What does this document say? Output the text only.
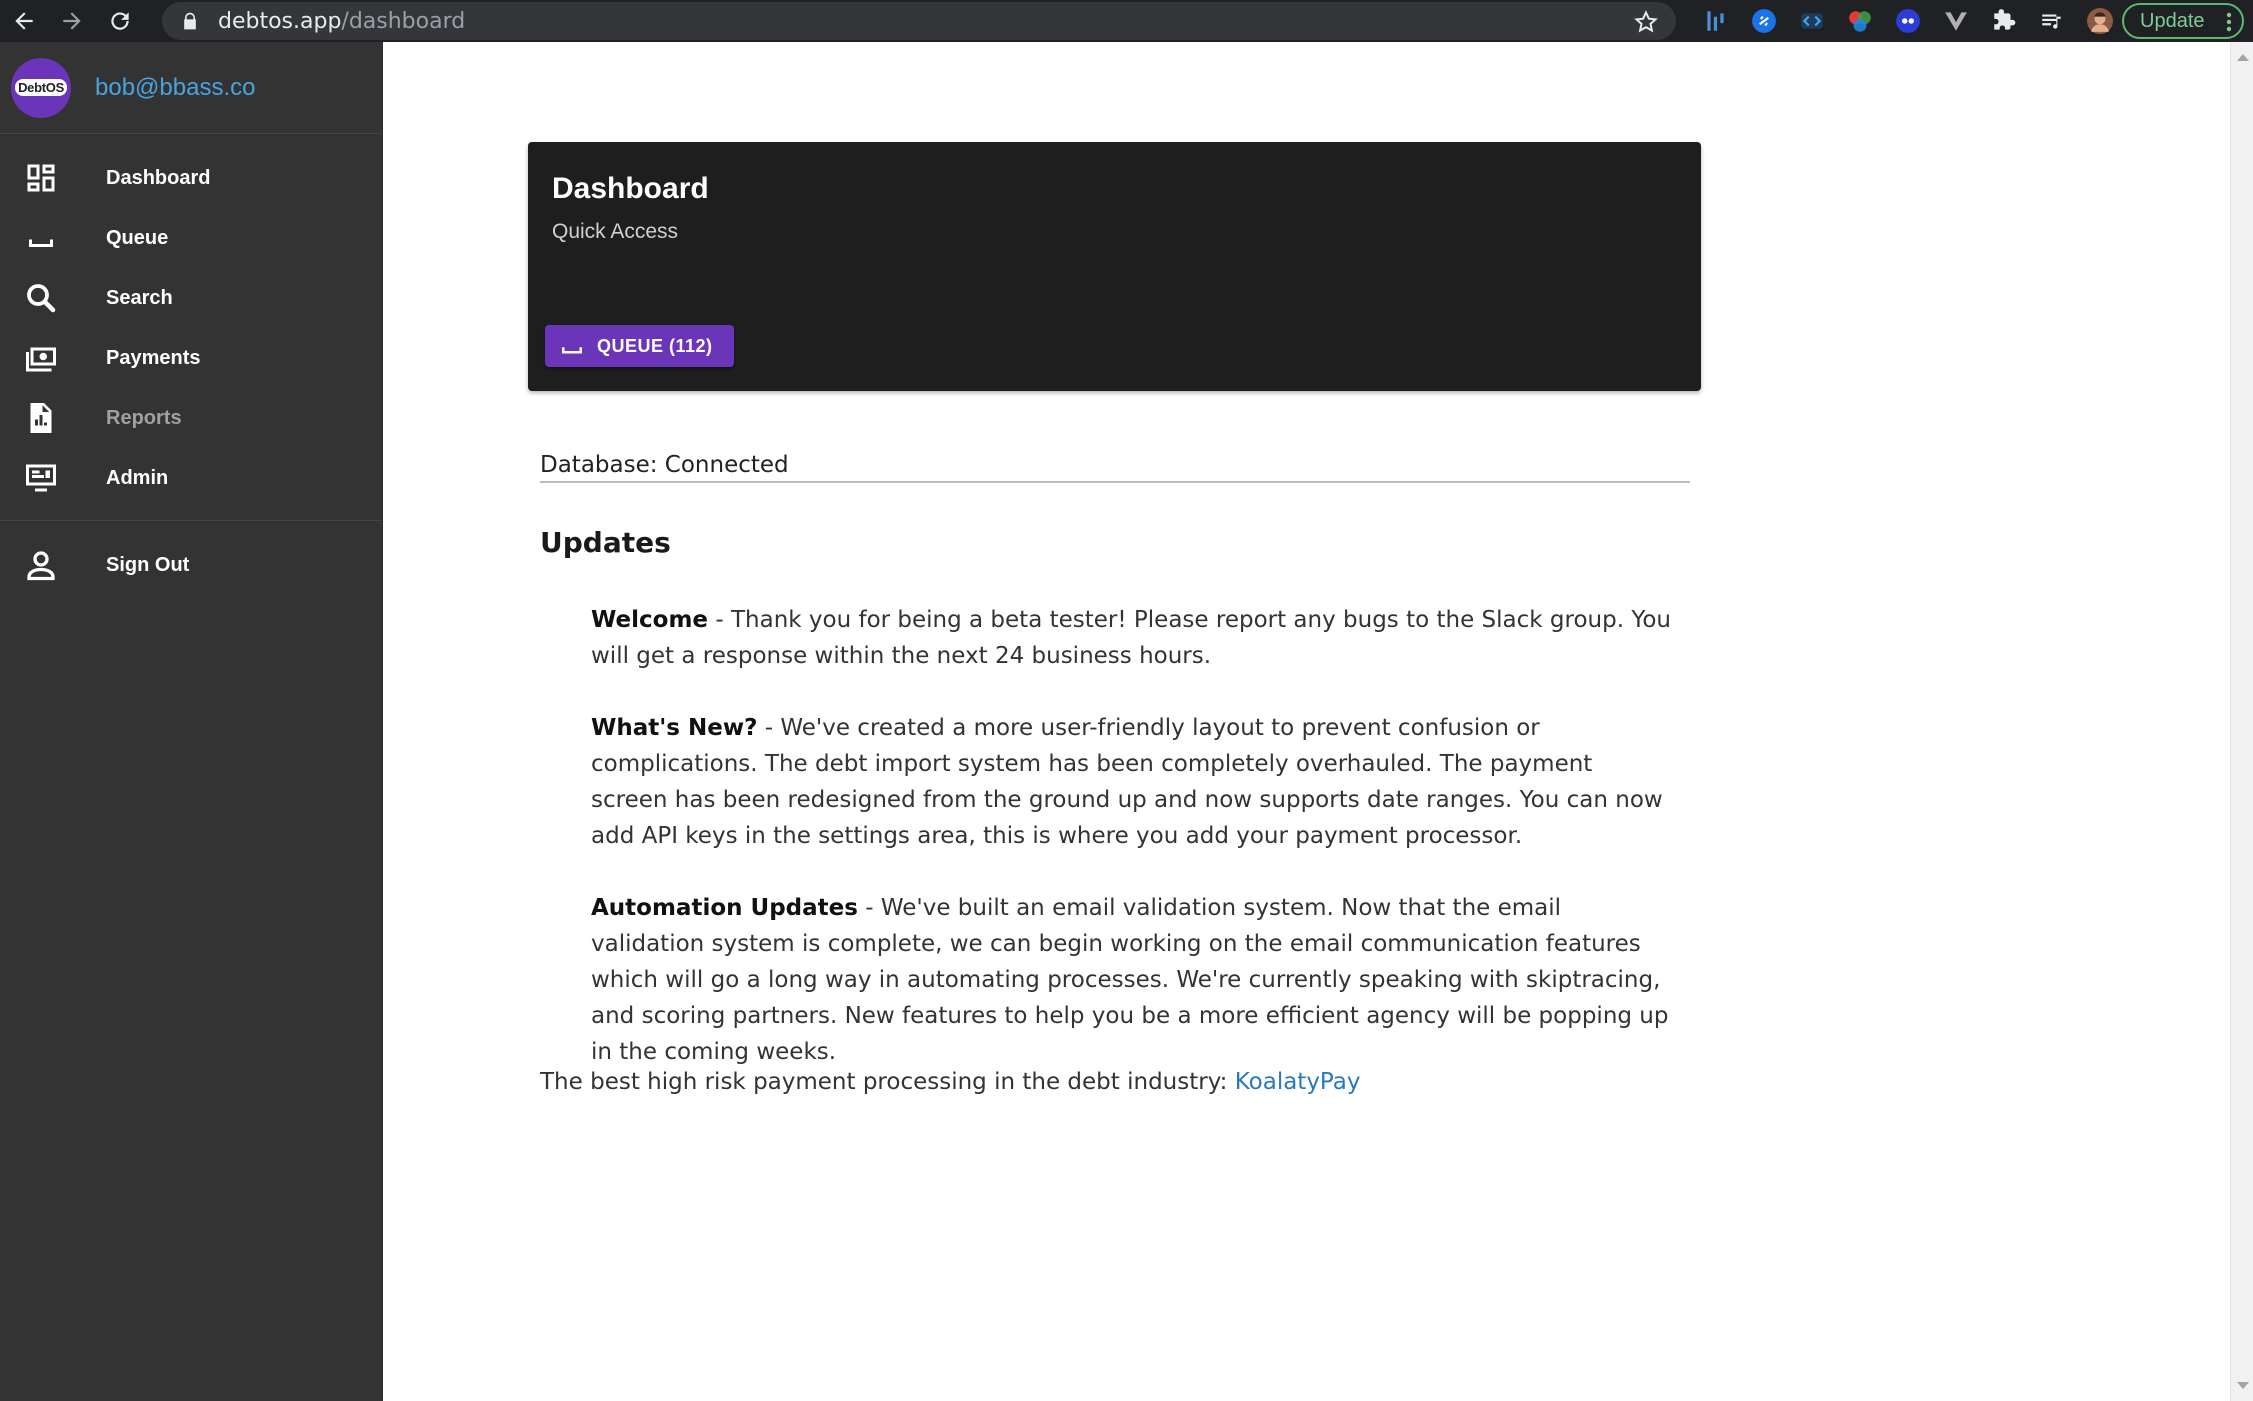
debtos.app/dashboard	Update
DebtOS bob@bbass.co
Dashboard
Queue
Search
Payments
Reports
Admin
Sign Out
Dashboard
Quick Access
QUEUE (112)
Database: Connected
Updates

Welcome - Thank you for being a beta tester! Please report any bugs to the Slack group. You will get a response within the next 24 business hours.

What's New? - We've created a more user-friendly layout to prevent confusion or complications. The debt import system has been completely overhauled. The payment screen has been redesigned from the ground up and now supports date ranges. You can now add API keys in the settings area, this is where you add your payment processor.

Automation Updates - We've built an email validation system. Now that the email validation system is complete, we can begin working on the email communication features which will go a long way in automating processes. We're currently speaking with skiptracing, and scoring partners. New features to help you be a more efficient agency will be popping up in the coming weeks.

The best high risk payment processing in the debt industry: KoalatyPay
